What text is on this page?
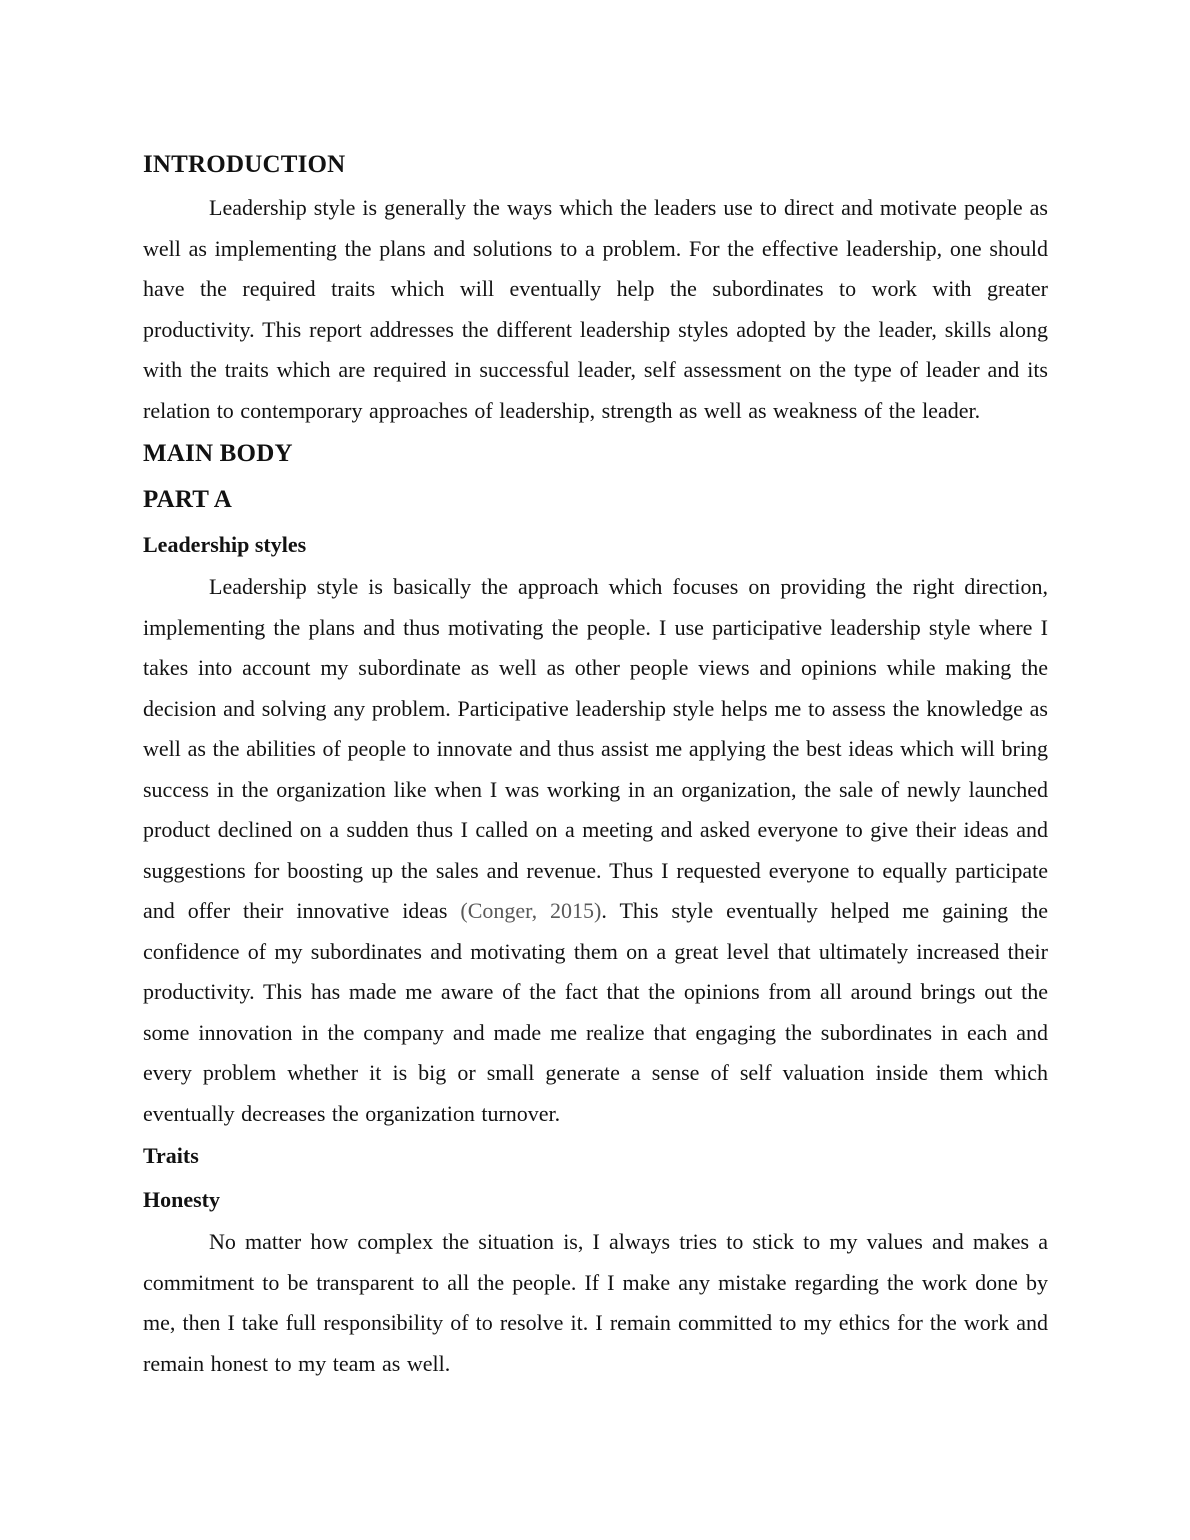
INTRODUCTION

Leadership style is generally the ways which the leaders use to direct and motivate people as well as implementing the plans and solutions to a problem. For the effective leadership, one should have the required traits which will eventually help the subordinates to work with greater productivity. This report addresses the different leadership styles adopted by the leader, skills along with the traits which are required in successful leader, self assessment on the type of leader and its relation to contemporary approaches of leadership, strength as well as weakness of the leader.

MAIN BODY
PART A
Leadership styles

Leadership style is basically the approach which focuses on providing the right direction, implementing the plans and thus motivating the people. I use participative leadership style where I takes into account my subordinate as well as other people views and opinions while making the decision and solving any problem. Participative leadership style helps me to assess the knowledge as well as the abilities of people to innovate and thus assist me applying the best ideas which will bring success in the organization like when I was working in an organization, the sale of newly launched product declined on a sudden thus I called on a meeting and asked everyone to give their ideas and suggestions for boosting up the sales and revenue. Thus I requested everyone to equally participate and offer their innovative ideas (Conger, 2015). This style eventually helped me gaining the confidence of my subordinates and motivating them on a great level that ultimately increased their productivity. This has made me aware of the fact that the opinions from all around brings out the some innovation in the company and made me realize that engaging the subordinates in each and every problem whether it is big or small generate a sense of self valuation inside them which eventually decreases the organization turnover.

Traits
Honesty

No matter how complex the situation is, I always tries to stick to my values and makes a commitment to be transparent to all the people. If I make any mistake regarding the work done by me, then I take full responsibility of to resolve it. I remain committed to my ethics for the work and remain honest to my team as well.
